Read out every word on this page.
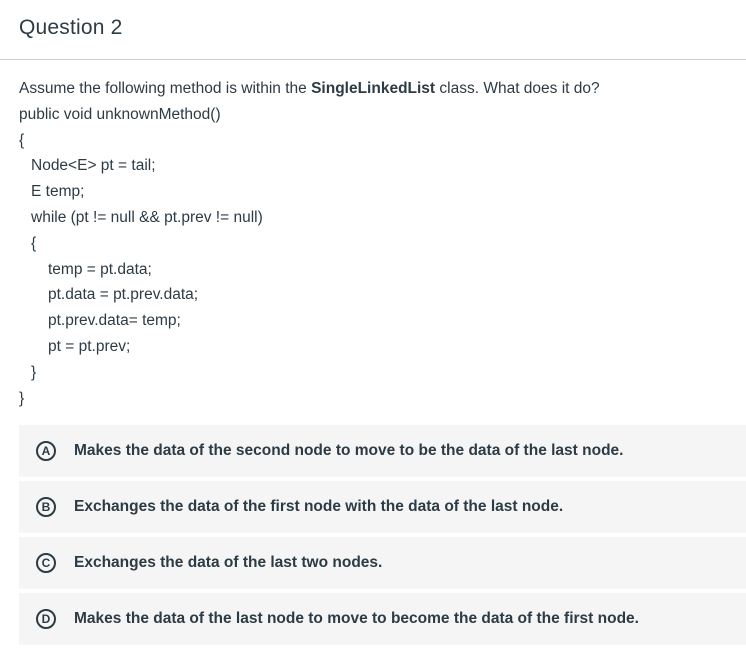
Question 2
Assume the following method is within the SingleLinkedList class. What does it do?
public void unknownMethod()
{
Node<E> pt = tail;
E temp;
while (pt != null && pt.prev != null)
{
temp = pt.data;
pt.data = pt.prev.data;
pt.prev.data= temp;
pt = pt.prev;
}
}
A	Makes the data of the second node to move to be the data of the last node.
B	Exchanges the data of the first node with the data of the last node.
C	Exchanges the data of the last two nodes.
D	Makes the data of the last node to move to become the data of the first node.
